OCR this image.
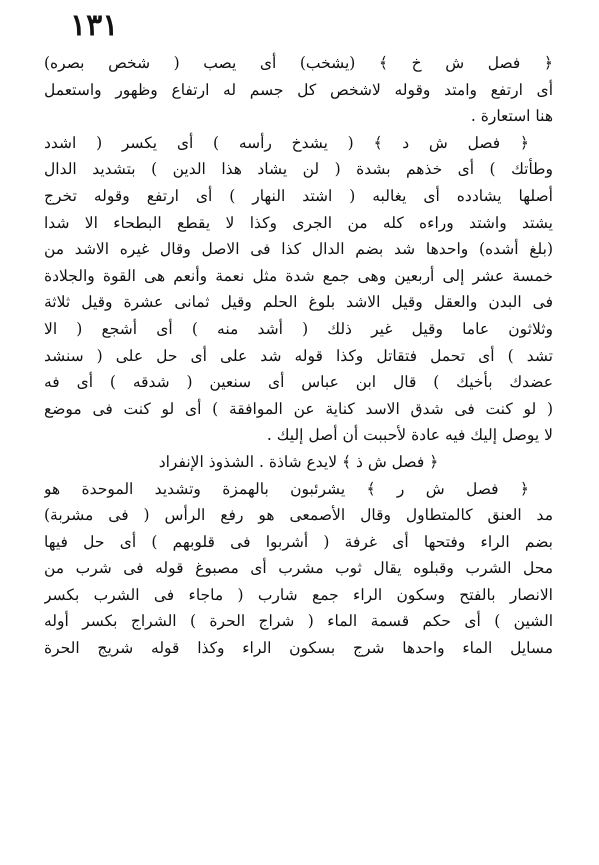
١٣١
﴿ فصل ش خ ﴾ (يشخب) أى يصب ( شخص بصره)
أى ارتفع وامتد وقوله لاشخص كل جسم له ارتفاع وظهور واستعمل
هنا استعارة .
﴿ فصل ش د ﴾ ( يشدخ رأسه ) أى يكسر ( اشدد
وطأتك ) أى خذهم بشدة ( لن يشاد هذا الدين ) بتشديد الدال
أصلها يشادده أى يغالبه ( اشتد النهار ) أى ارتفع وقوله تخرج
يشتد واشتد وراءه كله من الجرى وكذا لا يقطع البطحاء الا شدا
(بلغ أشده) واحدها شد بضم الدال كذا فى الاصل وقال غيره الاشد من
خمسة عشر إلى أربعين وهى جمع شدة مثل نعمة وأنعم هى القوة والجلادة
فى البدن والعقل وقيل الاشد بلوغ الحلم وقيل ثمانى عشرة وقيل ثلاثة
وثلاثون عاما وقيل غير ذلك ( أشد منه ) أى أشجع ( الا
تشد ) أى تحمل فتقاتل وكذا قوله شد على أى حل على ( سنشد
عضدك بأخيك ) قال ابن عباس أى سنعين ( شدقه ) أى فه
( لو كنت فى شدق الاسد كناية عن الموافقة ) أى لو كنت فى موضع
لا يوصل إليك فيه عادة لأحببت أن أصل إليك .
﴿ فصل ش ذ ﴾ لايدع شاذة . الشذوذ الإنفراد
﴿ فصل ش ر ﴾ يشرئبون بالهمزة وتشديد الموحدة هو
مد العنق كالمتطاول وقال الأصمعى هو رفع الرأس ( فى مشربة)
بضم الراء وفتحها أى غرفة ( أشربوا فى قلوبهم ) أى حل فيها
محل الشرب وقبلوه يقال ثوب مشرب أى مصبوغ قوله فى شرب من
الانصار بالفتح وسكون الراء جمع شارب ( ماجاء فى الشرب بكسر
الشين ) أى حكم قسمة الماء ( شراج الحرة ) الشراج بكسر أوله
مسايل الماء واحدها شرج بسكون الراء وكذا قوله شريج الحرة
